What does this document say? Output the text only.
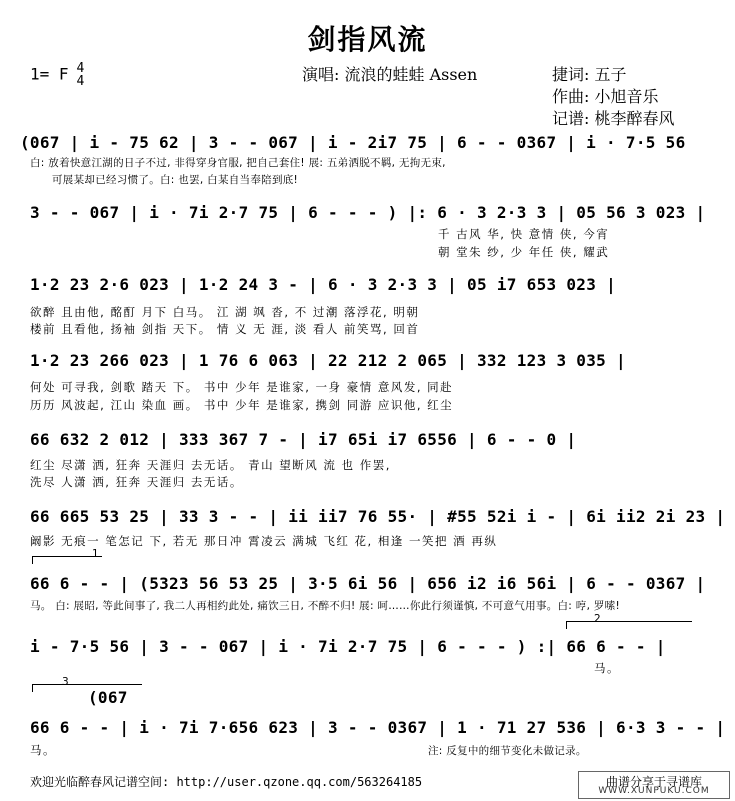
剑指风流
1= F 4
4	演唱: 流浪的蛙蛙 Assen	捷词: 五子
作曲: 小旭音乐
记谱: 桃李醉春风
(067 | i - 75 62 | 3 - - 067 | i - 2i7 75 | 6 - - 0367 | i · 7·5 56
白: 放着快意江湖的日子不过, 非得穿身官服, 把自己套住! 展: 五弟洒脱不羁, 无拘无束,
可展某却已经习惯了。白: 也罢, 白某自当奉陪到底!
3 - - 067 | i · 7i 2·7 75 | 6 - - - ) |: 6 · 3 2·3 3 | 05 56 3 023 |
千 古风 华, 快 意情 侠, 今宵
朝 堂朱 纱, 少 年任 侠, 耀武
1·2 23 2·6 023 | 1·2 24 3 - | 6 · 3 2·3 3 | 05 i7 653 023 |
欲醉 且由他, 酩酊 月下 白马。 江 湖 飒 沓, 不 过潮 落浮花, 明朝
楼前 且看他, 扬袖 剑指 天下。 情 义 无 涯, 淡 看人 前笑骂, 回首
1·2 23 266 023 | 1 76 6 063 | 22 212 2 065 | 332 123 3 035 |
何处 可寻我, 剑歌 踏天 下。 书中 少年 是谁家, 一身 豪情 意风发, 同赴
历历 风波起, 江山 染血 画。 书中 少年 是谁家, 携剑 同游 应识他, 红尘
66 632 2 012 | 333 367 7 - | i7 65i i7 6556 | 6 - - 0 |
红尘 尽潇 洒, 狂奔 天涯归 去无话。 青山 望断风 流 也 作罢,
洗尽 人潇 洒, 狂奔 天涯归 去无话。
66 665 53 25 | 33 3 - - | ii ii7 76 55· | #55 52i i - | 6i ii2 2i 23 |
阚影 无痕一 笔怎记 下, 若无 那日冲 霄凌云 满城 飞红 花, 相逢 一笑把 酒 再纵
1
66 6 - - | (5323 56 53 25 | 3·5 6i 56 | 656 i2 i6 56i | 6 - - 0367 |
马。 白: 展昭, 等此间事了, 我二人再相约此处, 痛饮三日, 不醉不归! 展: 呵……你此行须谨慎, 不可意气用事。白: 哼, 罗嗦!
2
i - 7·5 56 | 3 - - 067 | i · 7i 2·7 75 | 6 - - - ) :| 66 6 - - |
马。
3
(067
66 6 - - | i · 7i 7·656 623 | 3 - - 0367 | 1 · 71 27 536 | 6·3 3 - - |
马。	注: 反复中的细节变化未做记录。
欢迎光临醉春风记谱空间: http://user.qzone.qq.com/563264185	曲谱分享于寻谱库
WWW.XUNPUKU.COM
